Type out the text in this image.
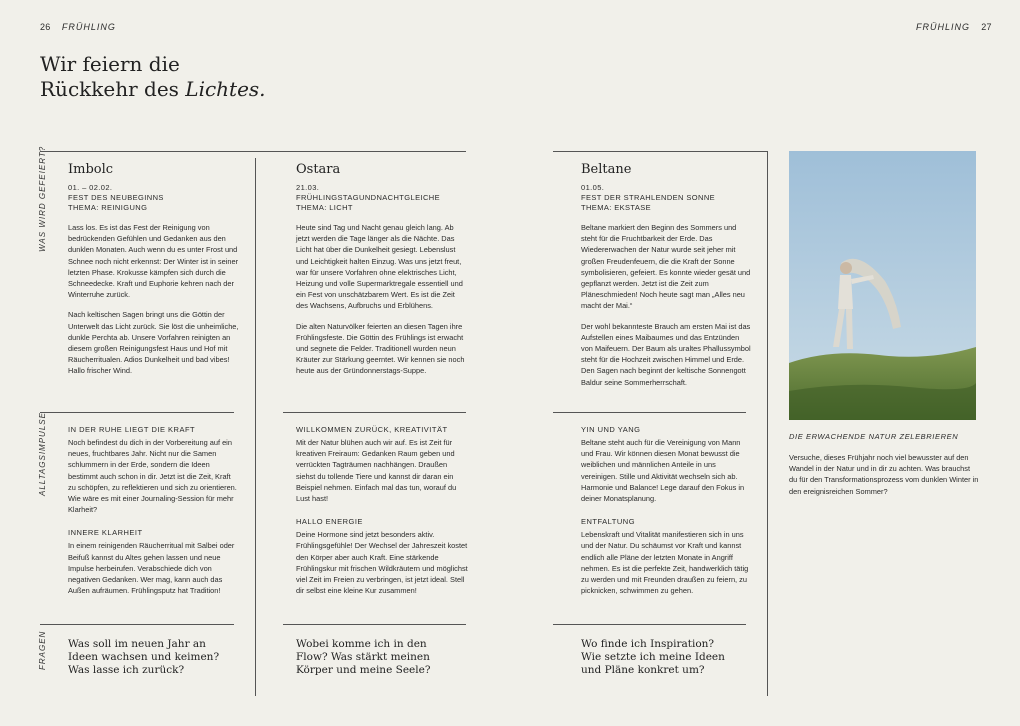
26 FRÜHLING	FRÜHLING 27
Wir feiern die
Rückkehr des Lichtes.
WAS WIRD GEFEIERT?
ALLTAGSIMPULSE
FRAGEN
Imbolc
01. – 02.02.
FEST DES NEUBEGINNS
THEMA: REINIGUNG

Lass los. Es ist das Fest der Reinigung von bedrückenden Gefühlen und Gedanken aus den dunklen Monaten. Auch wenn du es unter Frost und Schnee noch nicht erkennst: Der Winter ist in seiner letzten Phase. Krokusse kämpfen sich durch die Schneedecke. Kraft und Euphorie kehren nach der Winterruhe zurück.

Nach keltischen Sagen bringt uns die Göttin der Unterwelt das Licht zurück. Sie löst die unheimliche, dunkle Perchta ab. Unsere Vorfahren reinigten an diesem großen Reinigungsfest Haus und Hof mit Räucherritualen. Adios Dunkelheit und bad vibes! Hallo frischer Wind.

IN DER RUHE LIEGT DIE KRAFT

Noch befindest du dich in der Vorbereitung auf ein neues, fruchtbares Jahr. Nicht nur die Samen schlummern in der Erde, sondern die Ideen bestimmt auch schon in dir. Jetzt ist die Zeit, Kraft zu schöpfen, zu reflektieren und sich zu orientieren. Wie wäre es mit einer Journaling-Session für mehr Klarheit?

INNERE KLARHEIT

In einem reinigenden Räucherritual mit Salbei oder Beifuß kannst du Altes gehen lassen und neue Impulse herbeirufen. Verabschiede dich von negativen Gedanken. Wer mag, kann auch das Außen aufräumen. Frühlingsputz hat Tradition!

Was soll im neuen Jahr an
Ideen wachsen und keimen?
Was lasse ich zurück?
Ostara
21.03.
FRÜHLINGSTAGUNDNACHTGLEICHE
THEMA: LICHT

Heute sind Tag und Nacht genau gleich lang. Ab jetzt werden die Tage länger als die Nächte. Das Licht hat über die Dunkelheit gesiegt. Lebenslust und Leichtigkeit halten Einzug. Was uns jetzt freut, war für unsere Vorfahren ohne elektrisches Licht, Heizung und volle Supermarktregale essentiell und ein Fest von unschätzbarem Wert. Es ist die Zeit des Wachsens, Aufbruchs und Erblühens.

Die alten Naturvölker feierten an diesen Tagen ihre Frühlingsfeste. Die Göttin des Frühlings ist erwacht und segnete die Felder. Traditionell wurden neun Kräuter zur Stärkung geerntet. Wir kennen sie noch heute aus der Gründonnerstags-Suppe.

WILLKOMMEN ZURÜCK, KREATIVITÄT

Mit der Natur blühen auch wir auf. Es ist Zeit für kreativen Freiraum: Gedanken Raum geben und verrückten Tagträumen nachhängen. Draußen siehst du tollende Tiere und kannst dir daran ein Beispiel nehmen. Einfach mal das tun, worauf du Lust hast!

HALLO ENERGIE

Deine Hormone sind jetzt besonders aktiv. Frühlingsgefühle! Der Wechsel der Jahreszeit kostet den Körper aber auch Kraft. Eine stärkende Frühlingskur mit frischen Wildkräutern und möglichst viel Zeit im Freien zu verbringen, ist jetzt ideal. Stell dir selbst eine kleine Kur zusammen!

Wobei komme ich in den
Flow? Was stärkt meinen
Körper und meine Seele?
Beltane
01.05.
FEST DER STRAHLENDEN SONNE
THEMA: EKSTASE

Beltane markiert den Beginn des Sommers und steht für die Fruchtbarkeit der Erde. Das Wiedererwachen der Natur wurde seit jeher mit großen Freudenfeuern, die die Kraft der Sonne symbolisieren, gefeiert. Es konnte wieder gesät und gepflanzt werden. Jetzt ist die Zeit zum Pläneschmieden! Noch heute sagt man „Alles neu macht der Mai.“

Der wohl bekannteste Brauch am ersten Mai ist das Aufstellen eines Maibaumes und das Entzünden von Maifeuern. Der Baum als uraltes Phallussymbol steht für die Hochzeit zwischen Himmel und Erde. Den Sagen nach beginnt der keltische Sonnengott Baldur seine Sommerherrschaft.

YIN UND YANG

Beltane steht auch für die Vereinigung von Mann und Frau. Wir können diesen Monat bewusst die weiblichen und männlichen Anteile in uns vereinigen. Stille und Aktivität wechseln sich ab. Harmonie und Balance! Lege darauf den Fokus in deiner Monatsplanung.

ENTFALTUNG

Lebenskraft und Vitalität manifestieren sich in uns und der Natur. Du schäumst vor Kraft und kannst endlich alle Pläne der letzten Monate in Angriff nehmen. Es ist die perfekte Zeit, handwerklich tätig zu werden und mit Freunden draußen zu feiern, zu picknicken, schwimmen zu gehen.

Wo finde ich Inspiration?
Wie setzte ich meine Ideen
und Pläne konkret um?
DIE ERWACHENDE NATUR ZELEBRIEREN

Versuche, dieses Frühjahr noch viel bewusster auf den Wandel in der Natur und in dir zu achten. Was brauchst du für den Transformationsprozess vom dunklen Winter in den ereignisreichen Sommer?
